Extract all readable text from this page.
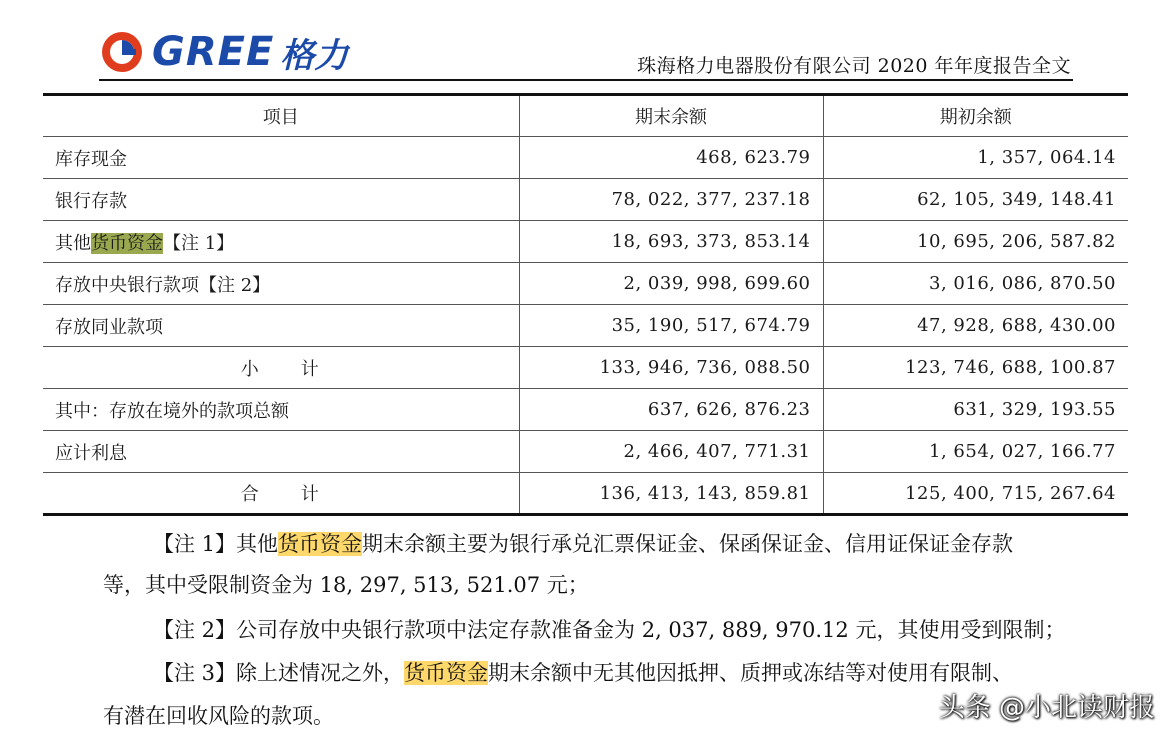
GREE 格力	珠海格力电器股份有限公司 2020 年年度报告全文
项目	期末余额	期初余额
库存现金	468, 623.79	1, 357, 064.14
银行存款	78, 022, 377, 237.18	62, 105, 349, 148.41
其他货币资金【注 1】	18, 693, 373, 853.14	10, 695, 206, 587.82
存放中央银行款项【注 2】	2, 039, 998, 699.60	3, 016, 086, 870.50
存放同业款项	35, 190, 517, 674.79	47, 928, 688, 430.00
小　　计	133, 946, 736, 088.50	123, 746, 688, 100.87
其中：存放在境外的款项总额	637, 626, 876.23	631, 329, 193.55
应计利息	2, 466, 407, 771.31	1, 654, 027, 166.77
合　　计	136, 413, 143, 859.81	125, 400, 715, 267.64
【注 1】其他货币资金期末余额主要为银行承兑汇票保证金、保函保证金、信用证保证金存款
等，其中受限制资金为 18, 297, 513, 521.07 元；
【注 2】公司存放中央银行款项中法定存款准备金为 2, 037, 889, 970.12 元，其使用受到限制；
【注 3】除上述情况之外，货币资金期末余额中无其他因抵押、质押或冻结等对使用有限制、
有潜在回收风险的款项。	头条 @小北读财报
